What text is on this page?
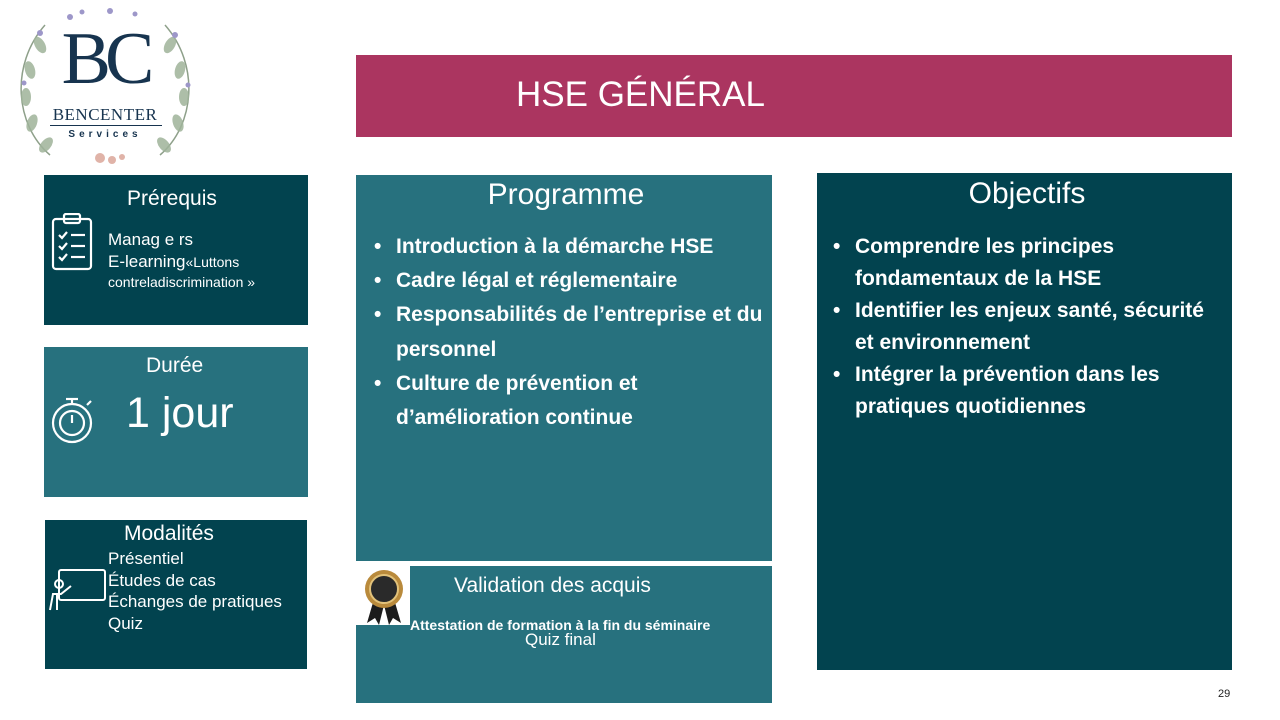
BC
BENCENTER
Services
HSE GÉNÉRAL
Prérequis
Manag e rs
E-learning«Luttons
contreladiscrimination »
Durée
1 jour
Modalités
Présentiel
Études de cas
Échanges de pratiques
Quiz
Programme
• Introduction à la démarche HSE
• Cadre légal et réglementaire
• Responsabilités de l’entreprise et du personnel
• Culture de prévention et d’amélioration continue
Validation des acquis
Attestation de formation à la fin du séminaire
Quiz final
Objectifs
• Comprendre les principes fondamentaux de la HSE
• Identifier les enjeux santé, sécurité et environnement
• Intégrer la prévention dans les pratiques quotidiennes
29
